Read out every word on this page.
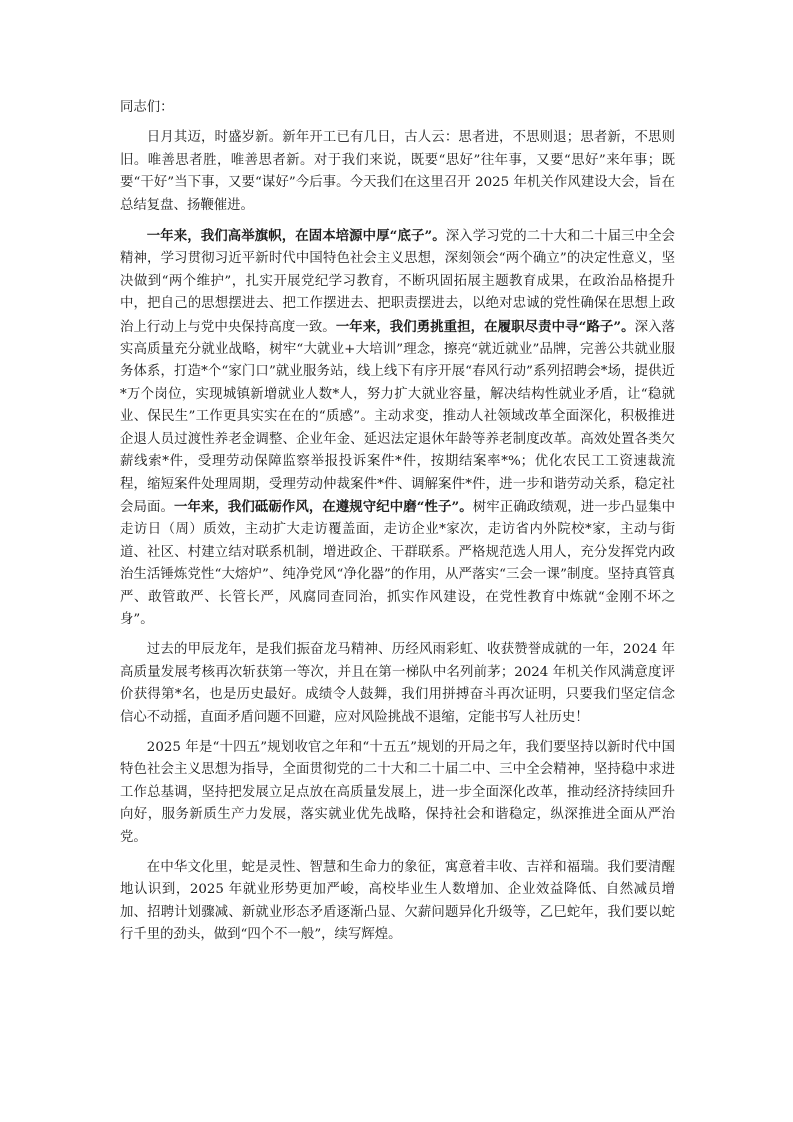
同志们：

日月其迈，时盛岁新。新年开工已有几日，古人云：思者进，不思则退；思者新，不思则旧。唯善思者胜，唯善思者新。对于我们来说，既要“思好”往年事，又要“思好”来年事；既要“干好”当下事，又要“谋好”今后事。今天我们在这里召开 2025 年机关作风建设大会，旨在总结复盘、扬鞭催进。

一年来，我们高举旗帜，在固本培源中厚“底子”。深入学习党的二十大和二十届三中全会精神，学习贯彻习近平新时代中国特色社会主义思想，深刻领会“两个确立”的决定性意义，坚决做到“两个维护”，扎实开展党纪学习教育，不断巩固拓展主题教育成果，在政治品格提升中，把自己的思想摆进去、把工作摆进去、把职责摆进去，以绝对忠诚的党性确保在思想上政治上行动上与党中央保持高度一致。一年来，我们勇挑重担，在履职尽责中寻“路子”。深入落实高质量充分就业战略，树牢“大就业+大培训”理念，擦亮“就近就业”品牌，完善公共就业服务体系，打造*个“家门口”就业服务站，线上线下有序开展“春风行动”系列招聘会*场，提供近*万个岗位，实现城镇新增就业人数*人，努力扩大就业容量，解决结构性就业矛盾，让“稳就业、保民生”工作更具实实在在的“质感”。主动求变，推动人社领域改革全面深化，积极推进企退人员过渡性养老金调整、企业年金、延迟法定退休年龄等养老制度改革。高效处置各类欠薪线索*件，受理劳动保障监察举报投诉案件*件，按期结案率*%；优化农民工工资速裁流程，缩短案件处理周期，受理劳动仲裁案件*件、调解案件*件，进一步和谐劳动关系，稳定社会局面。一年来，我们砥砺作风，在遵规守纪中磨“性子”。树牢正确政绩观，进一步凸显集中走访日（周）质效，主动扩大走访覆盖面，走访企业*家次，走访省内外院校*家，主动与街道、社区、村建立结对联系机制，增进政企、干群联系。严格规范选人用人，充分发挥党内政治生活锤炼党性“大熔炉”、纯净党风“净化器”的作用，从严落实“三会一课”制度。坚持真管真严、敢管敢严、长管长严，风腐同查同治，抓实作风建设，在党性教育中炼就“金刚不坏之身”。

过去的甲辰龙年，是我们振奋龙马精神、历经风雨彩虹、收获赞誉成就的一年，2024 年高质量发展考核再次斩获第一等次，并且在第一梯队中名列前茅；2024 年机关作风满意度评价获得第*名，也是历史最好。成绩令人鼓舞，我们用拼搏奋斗再次证明，只要我们坚定信念信心不动摇，直面矛盾问题不回避，应对风险挑战不退缩，定能书写人社历史！

2025 年是“十四五”规划收官之年和“十五五”规划的开局之年，我们要坚持以新时代中国特色社会主义思想为指导，全面贯彻党的二十大和二十届二中、三中全会精神，坚持稳中求进工作总基调，坚持把发展立足点放在高质量发展上，进一步全面深化改革，推动经济持续回升向好，服务新质生产力发展，落实就业优先战略，保持社会和谐稳定，纵深推进全面从严治党。

在中华文化里，蛇是灵性、智慧和生命力的象征，寓意着丰收、吉祥和福瑞。我们要清醒地认识到，2025 年就业形势更加严峻，高校毕业生人数增加、企业效益降低、自然减员增加、招聘计划骤减、新就业形态矛盾逐渐凸显、欠薪问题异化升级等，乙巳蛇年，我们要以蛇行千里的劲头，做到“四个不一般”，续写辉煌。
